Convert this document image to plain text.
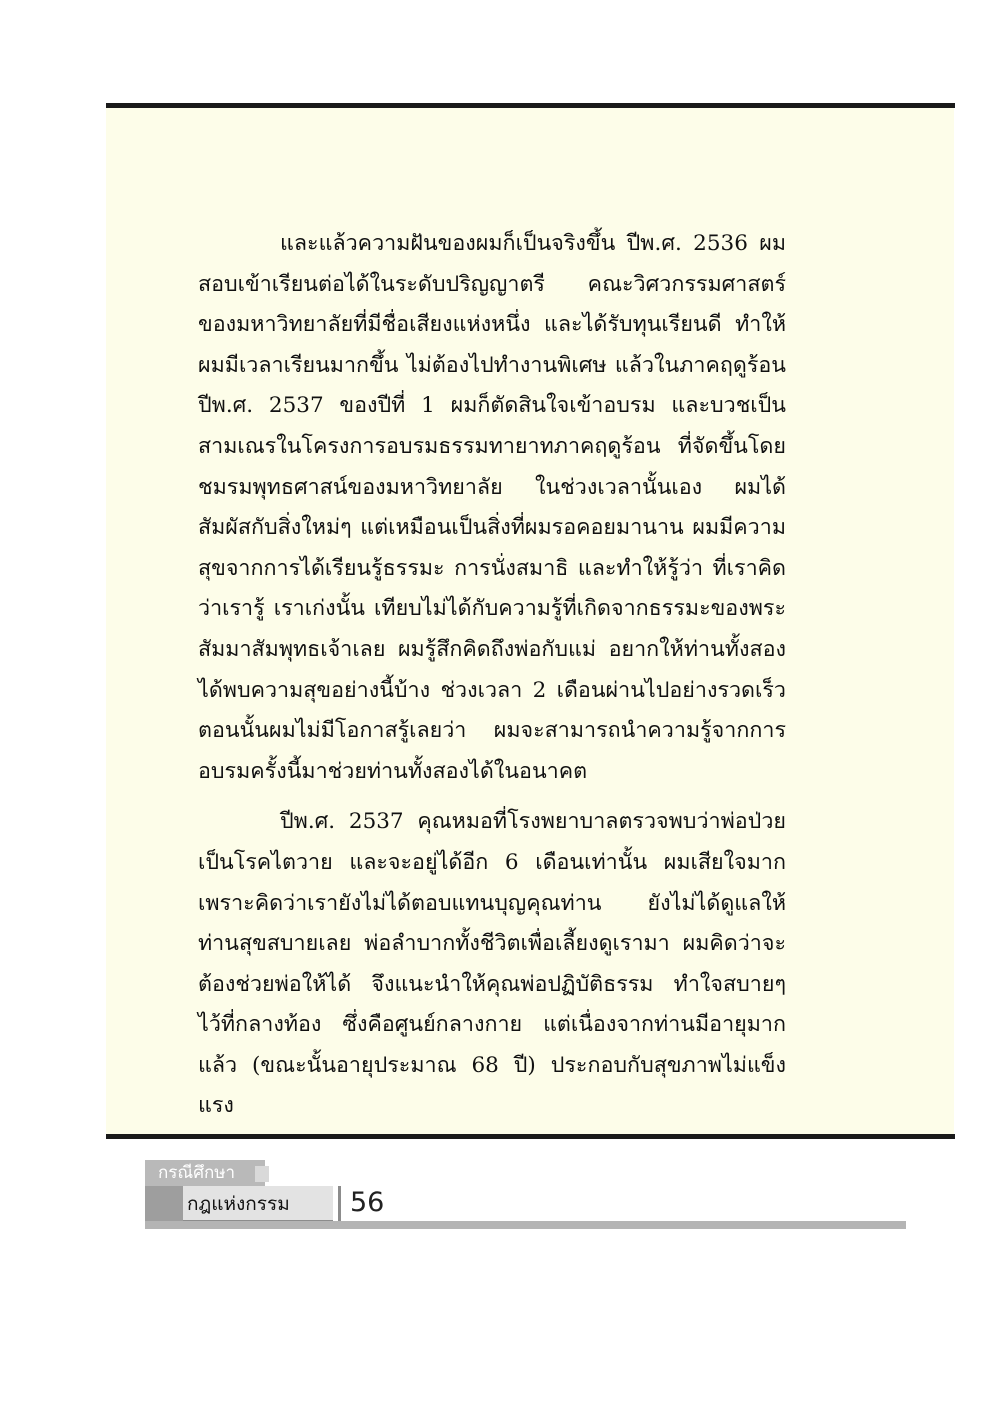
และแล้วความฝันของผมก็เป็นจริงขึ้น ปีพ.ศ. 2536 ผมสอบเข้าเรียนต่อได้ในระดับปริญญาตรี คณะวิศวกรรมศาสตร์ของมหาวิทยาลัยที่มีชื่อเสียงแห่งหนึ่ง และได้รับทุนเรียนดี ทำให้ผมมีเวลาเรียนมากขึ้น ไม่ต้องไปทำงานพิเศษ แล้วในภาคฤดูร้อนปีพ.ศ. 2537 ของปีที่ 1 ผมก็ตัดสินใจเข้าอบรม และบวชเป็นสามเณรในโครงการอบรมธรรมทายาทภาคฤดูร้อน ที่จัดขึ้นโดยชมรมพุทธศาสน์ของมหาวิทยาลัย ในช่วงเวลานั้นเอง ผมได้สัมผัสกับสิ่งใหม่ๆ แต่เหมือนเป็นสิ่งที่ผมรอคอยมานาน ผมมีความสุขจากการได้เรียนรู้ธรรมะ การนั่งสมาธิ และทำให้รู้ว่า ที่เราคิดว่าเรารู้ เราเก่งนั้น เทียบไม่ได้กับความรู้ที่เกิดจากธรรมะของพระสัมมาสัมพุทธเจ้าเลย ผมรู้สึกคิดถึงพ่อกับแม่ อยากให้ท่านทั้งสองได้พบความสุขอย่างนี้บ้าง ช่วงเวลา 2 เดือนผ่านไปอย่างรวดเร็ว ตอนนั้นผมไม่มีโอกาสรู้เลยว่า ผมจะสามารถนำความรู้จากการอบรมครั้งนี้มาช่วยท่านทั้งสองได้ในอนาคต

ปีพ.ศ. 2537 คุณหมอที่โรงพยาบาลตรวจพบว่าพ่อป่วยเป็นโรคไตวาย และจะอยู่ได้อีก 6 เดือนเท่านั้น ผมเสียใจมาก เพราะคิดว่าเรายังไม่ได้ตอบแทนบุญคุณท่าน ยังไม่ได้ดูแลให้ท่านสุขสบายเลย พ่อลำบากทั้งชีวิตเพื่อเลี้ยงดูเรามา ผมคิดว่าจะต้องช่วยพ่อให้ได้ จึงแนะนำให้คุณพ่อปฏิบัติธรรม ทำใจสบายๆ ไว้ที่กลางท้อง ซึ่งคือศูนย์กลางกาย แต่เนื่องจากท่านมีอายุมากแล้ว (ขณะนั้นอายุประมาณ 68 ปี) ประกอบกับสุขภาพไม่แข็งแรง

กรณีศึกษา
กฎแห่งกรรม 56
